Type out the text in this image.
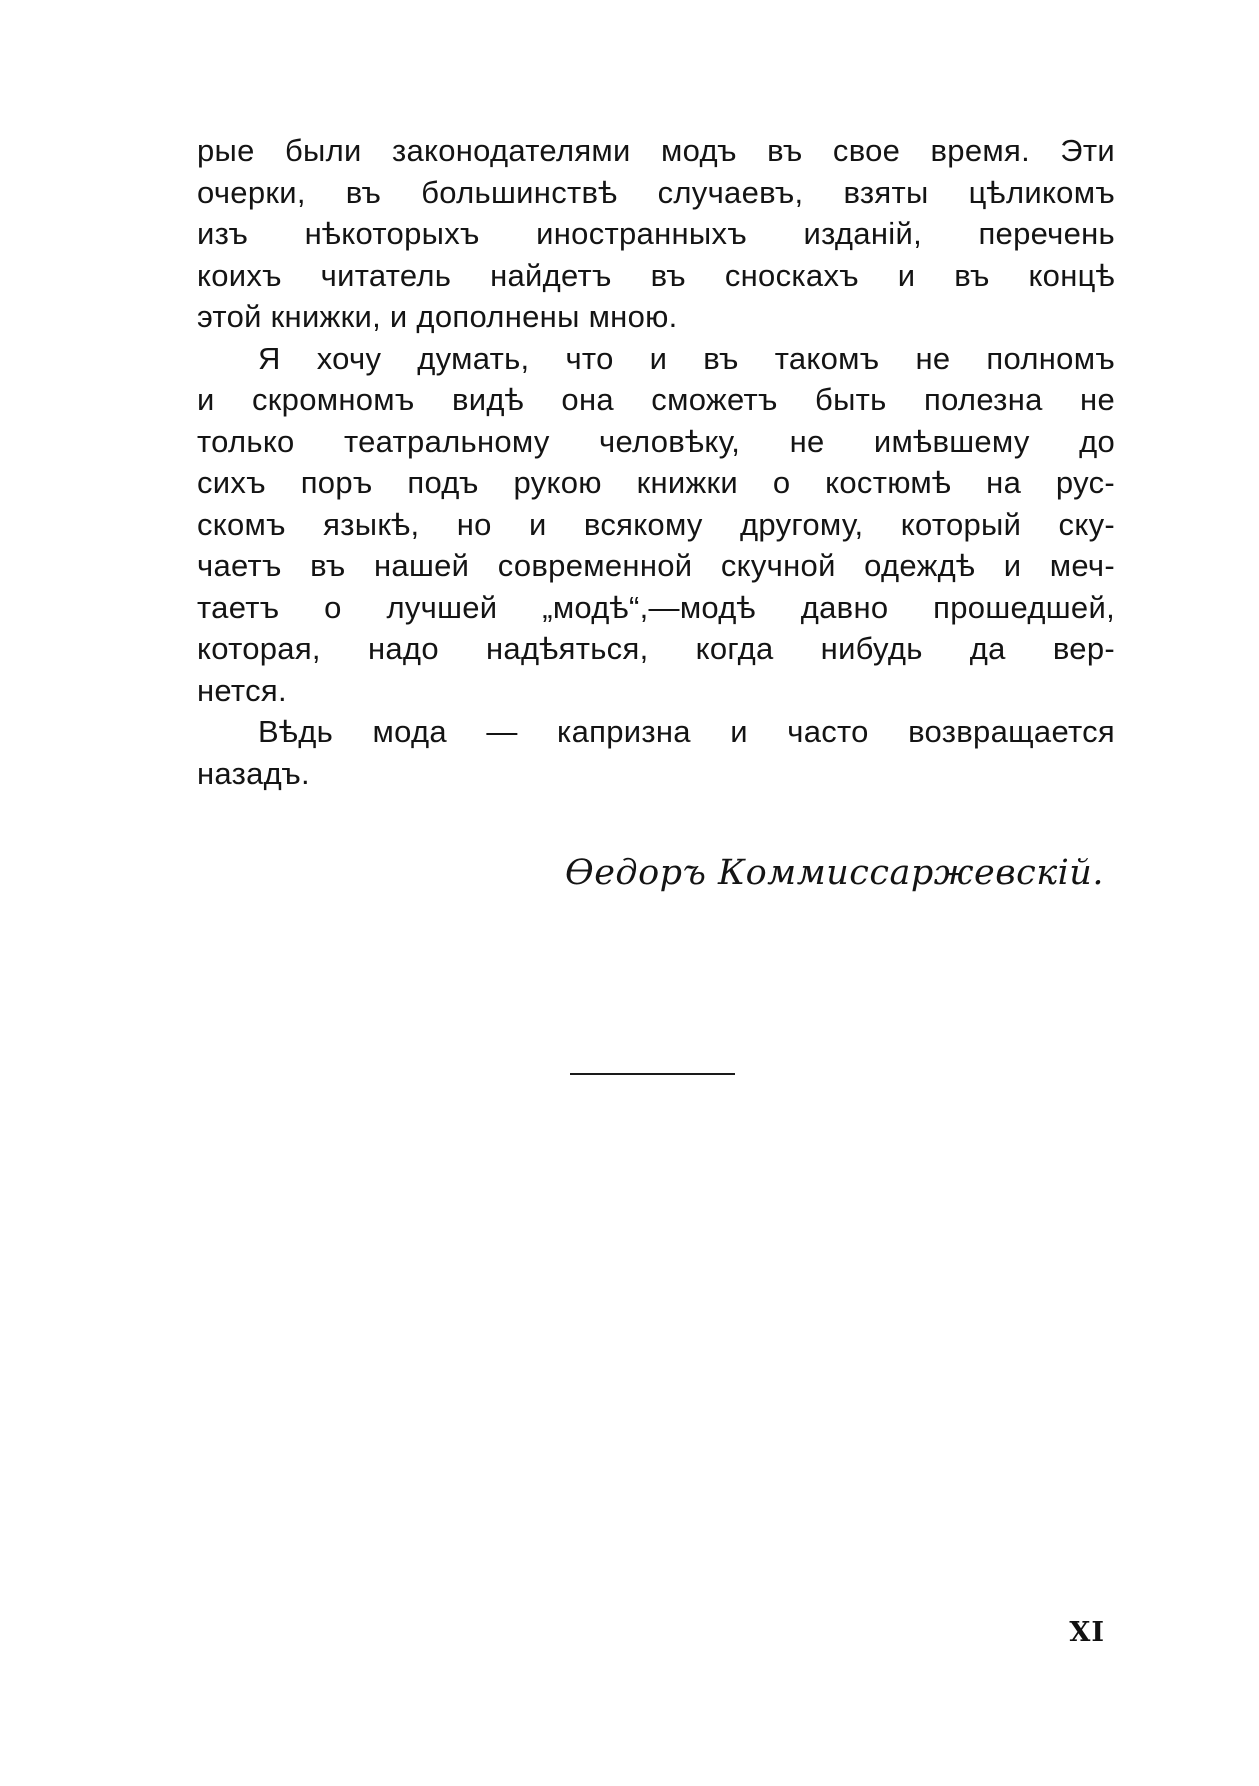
рые были законодателями модъ въ свое время. Эти
очерки, въ большинствѣ случаевъ, взяты цѣликомъ
изъ нѣкоторыхъ иностранныхъ изданій, перечень
коихъ читатель найдетъ въ сноскахъ и въ концѣ
этой книжки, и дополнены мною.
Я хочу думать, что и въ такомъ не полномъ
и скромномъ видѣ она сможетъ быть полезна не
только театральному человѣку, не имѣвшему до
сихъ поръ подъ рукою книжки о костюмѣ на рус-
скомъ языкѣ, но и всякому другому, который ску-
чаетъ въ нашей современной скучной одеждѣ и меч-
таетъ о лучшей „модѣ“,—модѣ давно прошедшей,
которая, надо надѣяться, когда нибудь да вер-
нется.
Вѣдь мода — капризна и часто возвращается
назадъ.
Ѳедоръ Коммиссаржевскій.
XI
